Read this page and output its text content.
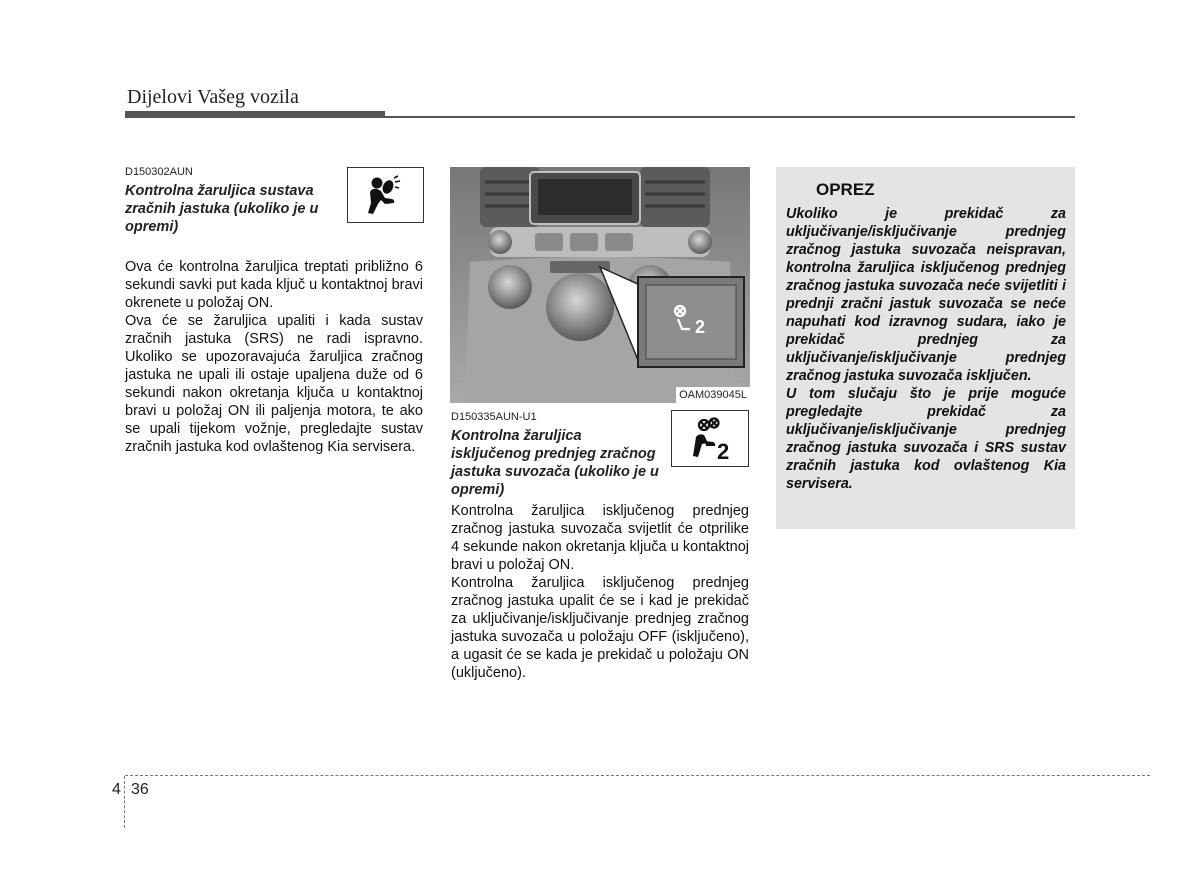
Dijelovi Vašeg vozila
D150302AUN
Kontrolna žaruljica sustava zračnih jastuka (ukoliko je u opremi)

Ova će kontrolna žaruljica treptati približno 6 sekundi savki put kada ključ u kontaktnoj bravi okrenete u položaj ON.

Ova će se žaruljica upaliti i kada sustav zračnih jastuka (SRS) ne radi ispravno. Ukoliko se upozoravajuća žaruljica zračnog jastuka ne upali ili ostaje upaljena duže od 6 sekundi nakon okretanja ključa u kontaktnoj bravi u položaj ON ili paljenja motora, te ako se upali tijekom vožnje, pregledajte sustav zračnih jastuka kod ovlaštenog Kia servisera.

2
OAM039045L
D150335AUN-U1
Kontrolna žaruljica isključenog prednjeg zračnog jastuka suvozača (ukoliko je u opremi)
2

Kontrolna žaruljica isključenog prednjeg zračnog jastuka suvozača svijetlit će otprilike 4 sekunde nakon okretanja ključa u kontaktnoj bravi u položaj ON.

Kontrolna žaruljica isključenog prednjeg zračnog jastuka upalit će se i kad je prekidač za uključivanje/isključivanje prednjeg zračnog jastuka suvozača u položaju OFF (isključeno), a ugasit će se kada je prekidač u položaju ON (uključeno).

OPREZ

Ukoliko je prekidač za uključivanje/isključivanje prednjeg zračnog jastuka suvozača neispravan, kontrolna žaruljica isključenog prednjeg zračnog jastuka suvozača neće svijetliti i prednji zračni jastuk suvozača se neće napuhati kod izravnog sudara, iako je prekidač prednjeg za uključivanje/isključivanje prednjeg zračnog jastuka suvozača isključen.

U tom slučaju što je prije moguće pregledajte prekidač za uključivanje/isključivanje prednjeg zračnog jastuka suvozača i SRS sustav zračnih jastuka kod ovlaštenog Kia servisera.

4 36
